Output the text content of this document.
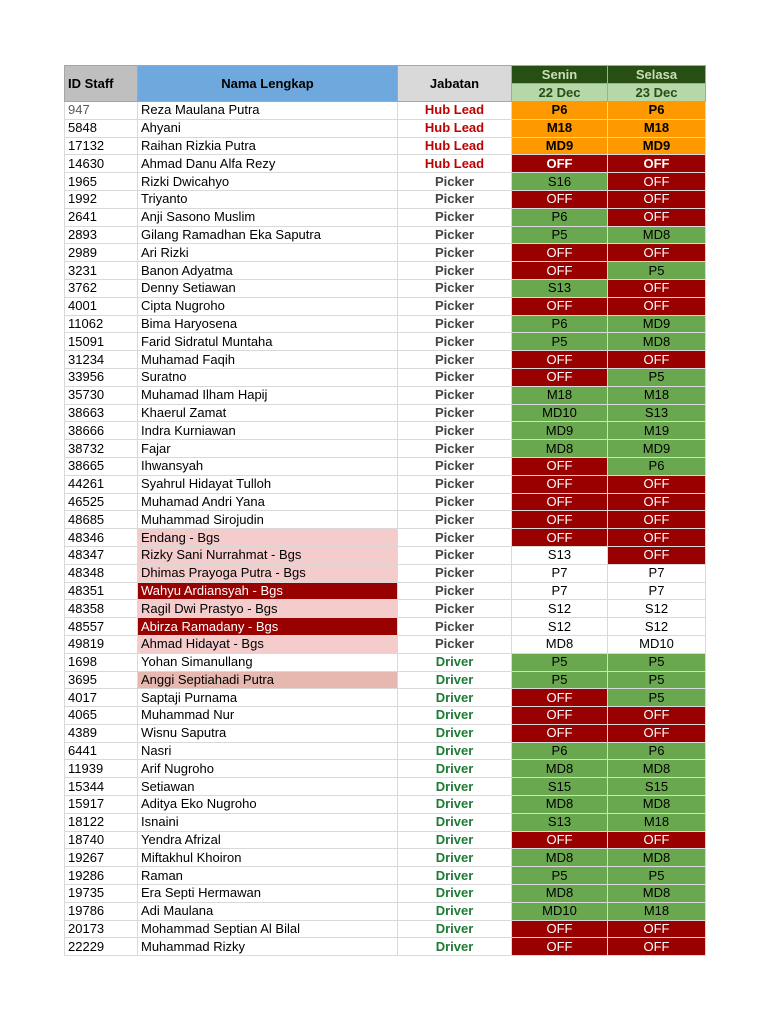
ID Staff	Nama Lengkap	Jabatan	Senin	Selasa
			22 Dec	23 Dec
947	Reza Maulana Putra	Hub Lead	P6	P6
5848	Ahyani	Hub Lead	M18	M18
17132	Raihan Rizkia Putra	Hub Lead	MD9	MD9
14630	Ahmad Danu Alfa Rezy	Hub Lead	OFF	OFF
1965	Rizki Dwicahyo	Picker	S16	OFF
1992	Triyanto	Picker	OFF	OFF
2641	Anji Sasono Muslim	Picker	P6	OFF
2893	Gilang Ramadhan Eka Saputra	Picker	P5	MD8
2989	Ari Rizki	Picker	OFF	OFF
3231	Banon Adyatma	Picker	OFF	P5
3762	Denny Setiawan	Picker	S13	OFF
4001	Cipta Nugroho	Picker	OFF	OFF
11062	Bima Haryosena	Picker	P6	MD9
15091	Farid Sidratul Muntaha	Picker	P5	MD8
31234	Muhamad Faqih	Picker	OFF	OFF
33956	Suratno	Picker	OFF	P5
35730	Muhamad Ilham Hapij	Picker	M18	M18
38663	Khaerul Zamat	Picker	MD10	S13
38666	Indra Kurniawan	Picker	MD9	M19
38732	Fajar	Picker	MD8	MD9
38665	Ihwansyah	Picker	OFF	P6
44261	Syahrul Hidayat Tulloh	Picker	OFF	OFF
46525	Muhamad Andri Yana	Picker	OFF	OFF
48685	Muhammad Sirojudin	Picker	OFF	OFF
48346	Endang - Bgs	Picker	OFF	OFF
48347	Rizky Sani Nurrahmat - Bgs	Picker	S13	OFF
48348	Dhimas Prayoga Putra - Bgs	Picker	P7	P7
48351	Wahyu Ardiansyah - Bgs	Picker	P7	P7
48358	Ragil Dwi Prastyo - Bgs	Picker	S12	S12
48557	Abirza Ramadany - Bgs	Picker	S12	S12
49819	Ahmad Hidayat - Bgs	Picker	MD8	MD10
1698	Yohan Simanullang	Driver	P5	P5
3695	Anggi Septiahadi Putra	Driver	P5	P5
4017	Saptaji Purnama	Driver	OFF	P5
4065	Muhammad Nur	Driver	OFF	OFF
4389	Wisnu Saputra	Driver	OFF	OFF
6441	Nasri	Driver	P6	P6
11939	Arif Nugroho	Driver	MD8	MD8
15344	Setiawan	Driver	S15	S15
15917	Aditya Eko Nugroho	Driver	MD8	MD8
18122	Isnaini	Driver	S13	M18
18740	Yendra Afrizal	Driver	OFF	OFF
19267	Miftakhul Khoiron	Driver	MD8	MD8
19286	Raman	Driver	P5	P5
19735	Era Septi Hermawan	Driver	MD8	MD8
19786	Adi Maulana	Driver	MD10	M18
20173	Mohammad Septian Al Bilal	Driver	OFF	OFF
22229	Muhammad Rizky	Driver	OFF	OFF
